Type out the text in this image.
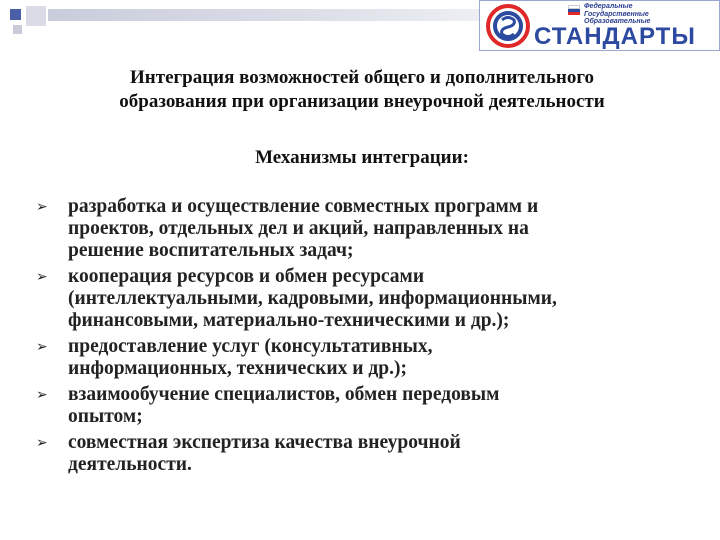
Федеральные
Государственные
Образовательные
СТАНДАРТЫ
Интеграция возможностей общего и дополнительного
образования при организации внеурочной деятельности
Механизмы интеграции:
➢ разработка и осуществление совместных программ и
проектов, отдельных дел и акций, направленных на
решение воспитательных задач;
➢ кооперация ресурсов и обмен ресурсами
(интеллектуальными, кадровыми, информационными,
финансовыми, материально-техническими и др.);
➢ предоставление услуг (консультативных,
информационных, технических и др.);
➢ взаимообучение специалистов, обмен передовым
опытом;
➢ совместная экспертиза качества внеурочной
деятельности.
